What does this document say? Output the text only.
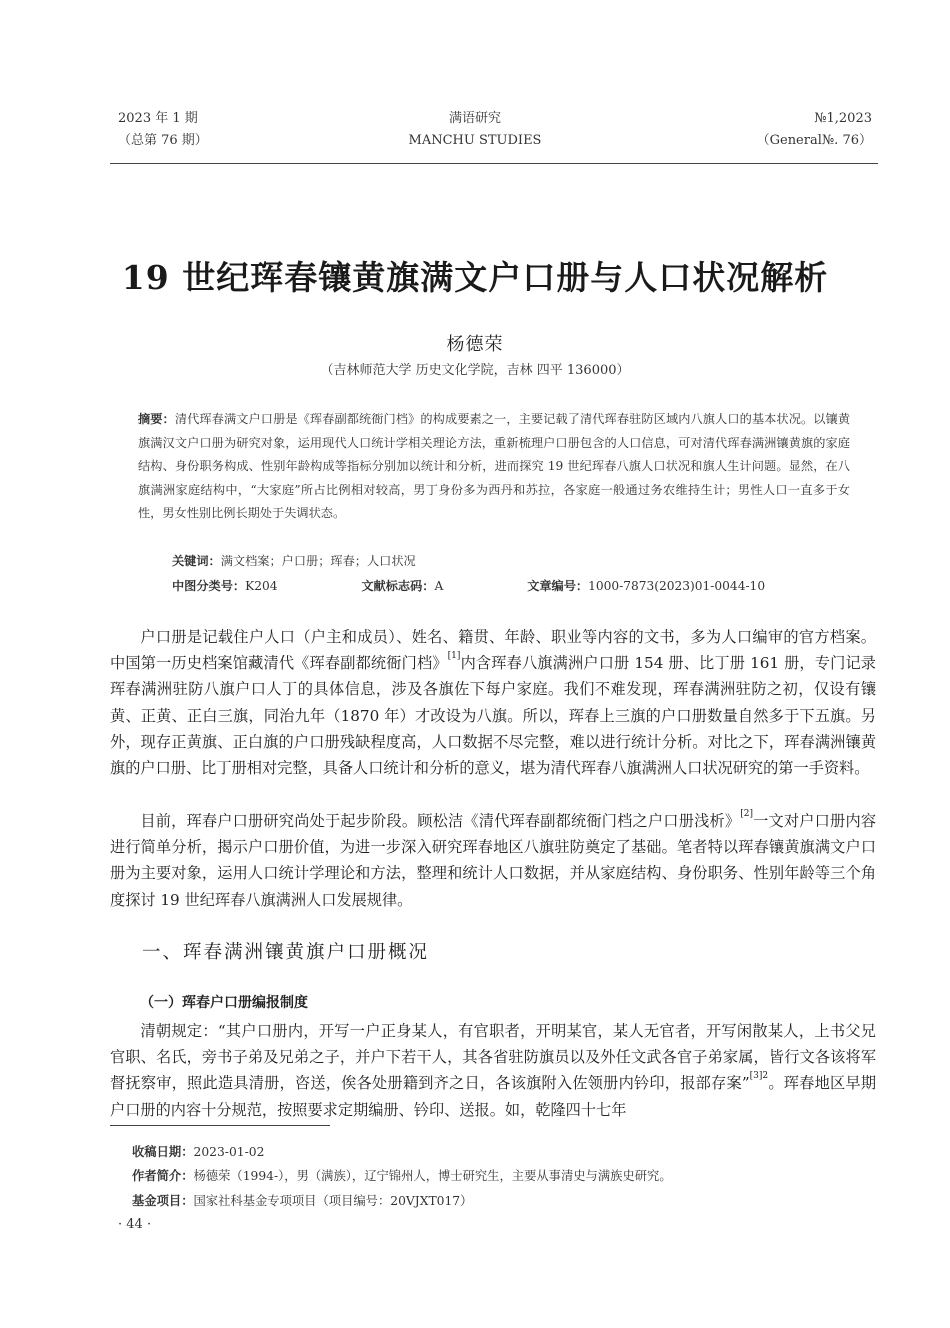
2023 年 1 期
（总第 76 期）
满语研究
MANCHU STUDIES
№1,2023
（General№. 76）
19 世纪珲春镶黄旗满文户口册与人口状况解析
杨德荣
（吉林师范大学 历史文化学院，吉林 四平 136000）
摘要：清代珲春满文户口册是《珲春副都统衙门档》的构成要素之一，主要记载了清代珲春驻防区域内八旗人口的基本状况。以镶黄旗满汉文户口册为研究对象，运用现代人口统计学相关理论方法，重新梳理户口册包含的人口信息，可对清代珲春满洲镶黄旗的家庭结构、身份职务构成、性别年龄构成等指标分别加以统计和分析，进而探究 19 世纪珲春八旗人口状况和旗人生计问题。显然，在八旗满洲家庭结构中，“大家庭”所占比例相对较高，男丁身份多为西丹和苏拉，各家庭一般通过务农维持生计；男性人口一直多于女性，男女性别比例长期处于失调状态。
关键词：满文档案；户口册；珲春；人口状况
中图分类号：K204	文献标志码：A	文章编号：1000-7873(2023)01-0044-10

户口册是记载住户人口（户主和成员）、姓名、籍贯、年龄、职业等内容的文书，多为人口编审的官方档案。中国第一历史档案馆藏清代《珲春副都统衙门档》[1]内含珲春八旗满洲户口册 154 册、比丁册 161 册，专门记录珲春满洲驻防八旗户口人丁的具体信息，涉及各旗佐下每户家庭。我们不难发现，珲春满洲驻防之初，仅设有镶黄、正黄、正白三旗，同治九年（1870 年）才改设为八旗。所以，珲春上三旗的户口册数量自然多于下五旗。另外，现存正黄旗、正白旗的户口册残缺程度高，人口数据不尽完整，难以进行统计分析。对比之下，珲春满洲镶黄旗的户口册、比丁册相对完整，具备人口统计和分析的意义，堪为清代珲春八旗满洲人口状况研究的第一手资料。

目前，珲春户口册研究尚处于起步阶段。顾松洁《清代珲春副都统衙门档之户口册浅析》[2]一文对户口册内容进行简单分析，揭示户口册价值，为进一步深入研究珲春地区八旗驻防奠定了基础。笔者特以珲春镶黄旗满文户口册为主要对象，运用人口统计学理论和方法，整理和统计人口数据，并从家庭结构、身份职务、性别年龄等三个角度探讨 19 世纪珲春八旗满洲人口发展规律。

一、珲春满洲镶黄旗户口册概况
（一）珲春户口册编报制度

清朝规定：“其户口册内，开写一户正身某人，有官职者，开明某官，某人无官者，开写闲散某人，上书父兄官职、名氏，旁书子弟及兄弟之子，并户下若干人，其各省驻防旗员以及外任文武各官子弟家属，皆行文各该将军督抚察审，照此造具清册，咨送，俟各处册籍到齐之日，各该旗附入佐领册内钤印，报部存案”$^{[3]2}$。珲春地区早期户口册的内容十分规范，按照要求定期编册、钤印、送报。如，乾隆四十七年

收稿日期：2023-01-02
作者简介：杨德荣（1994-），男（满族），辽宁锦州人，博士研究生，主要从事清史与满族史研究。
基金项目：国家社科基金专项项目（项目编号：20VJXT017）
· 44 ·
